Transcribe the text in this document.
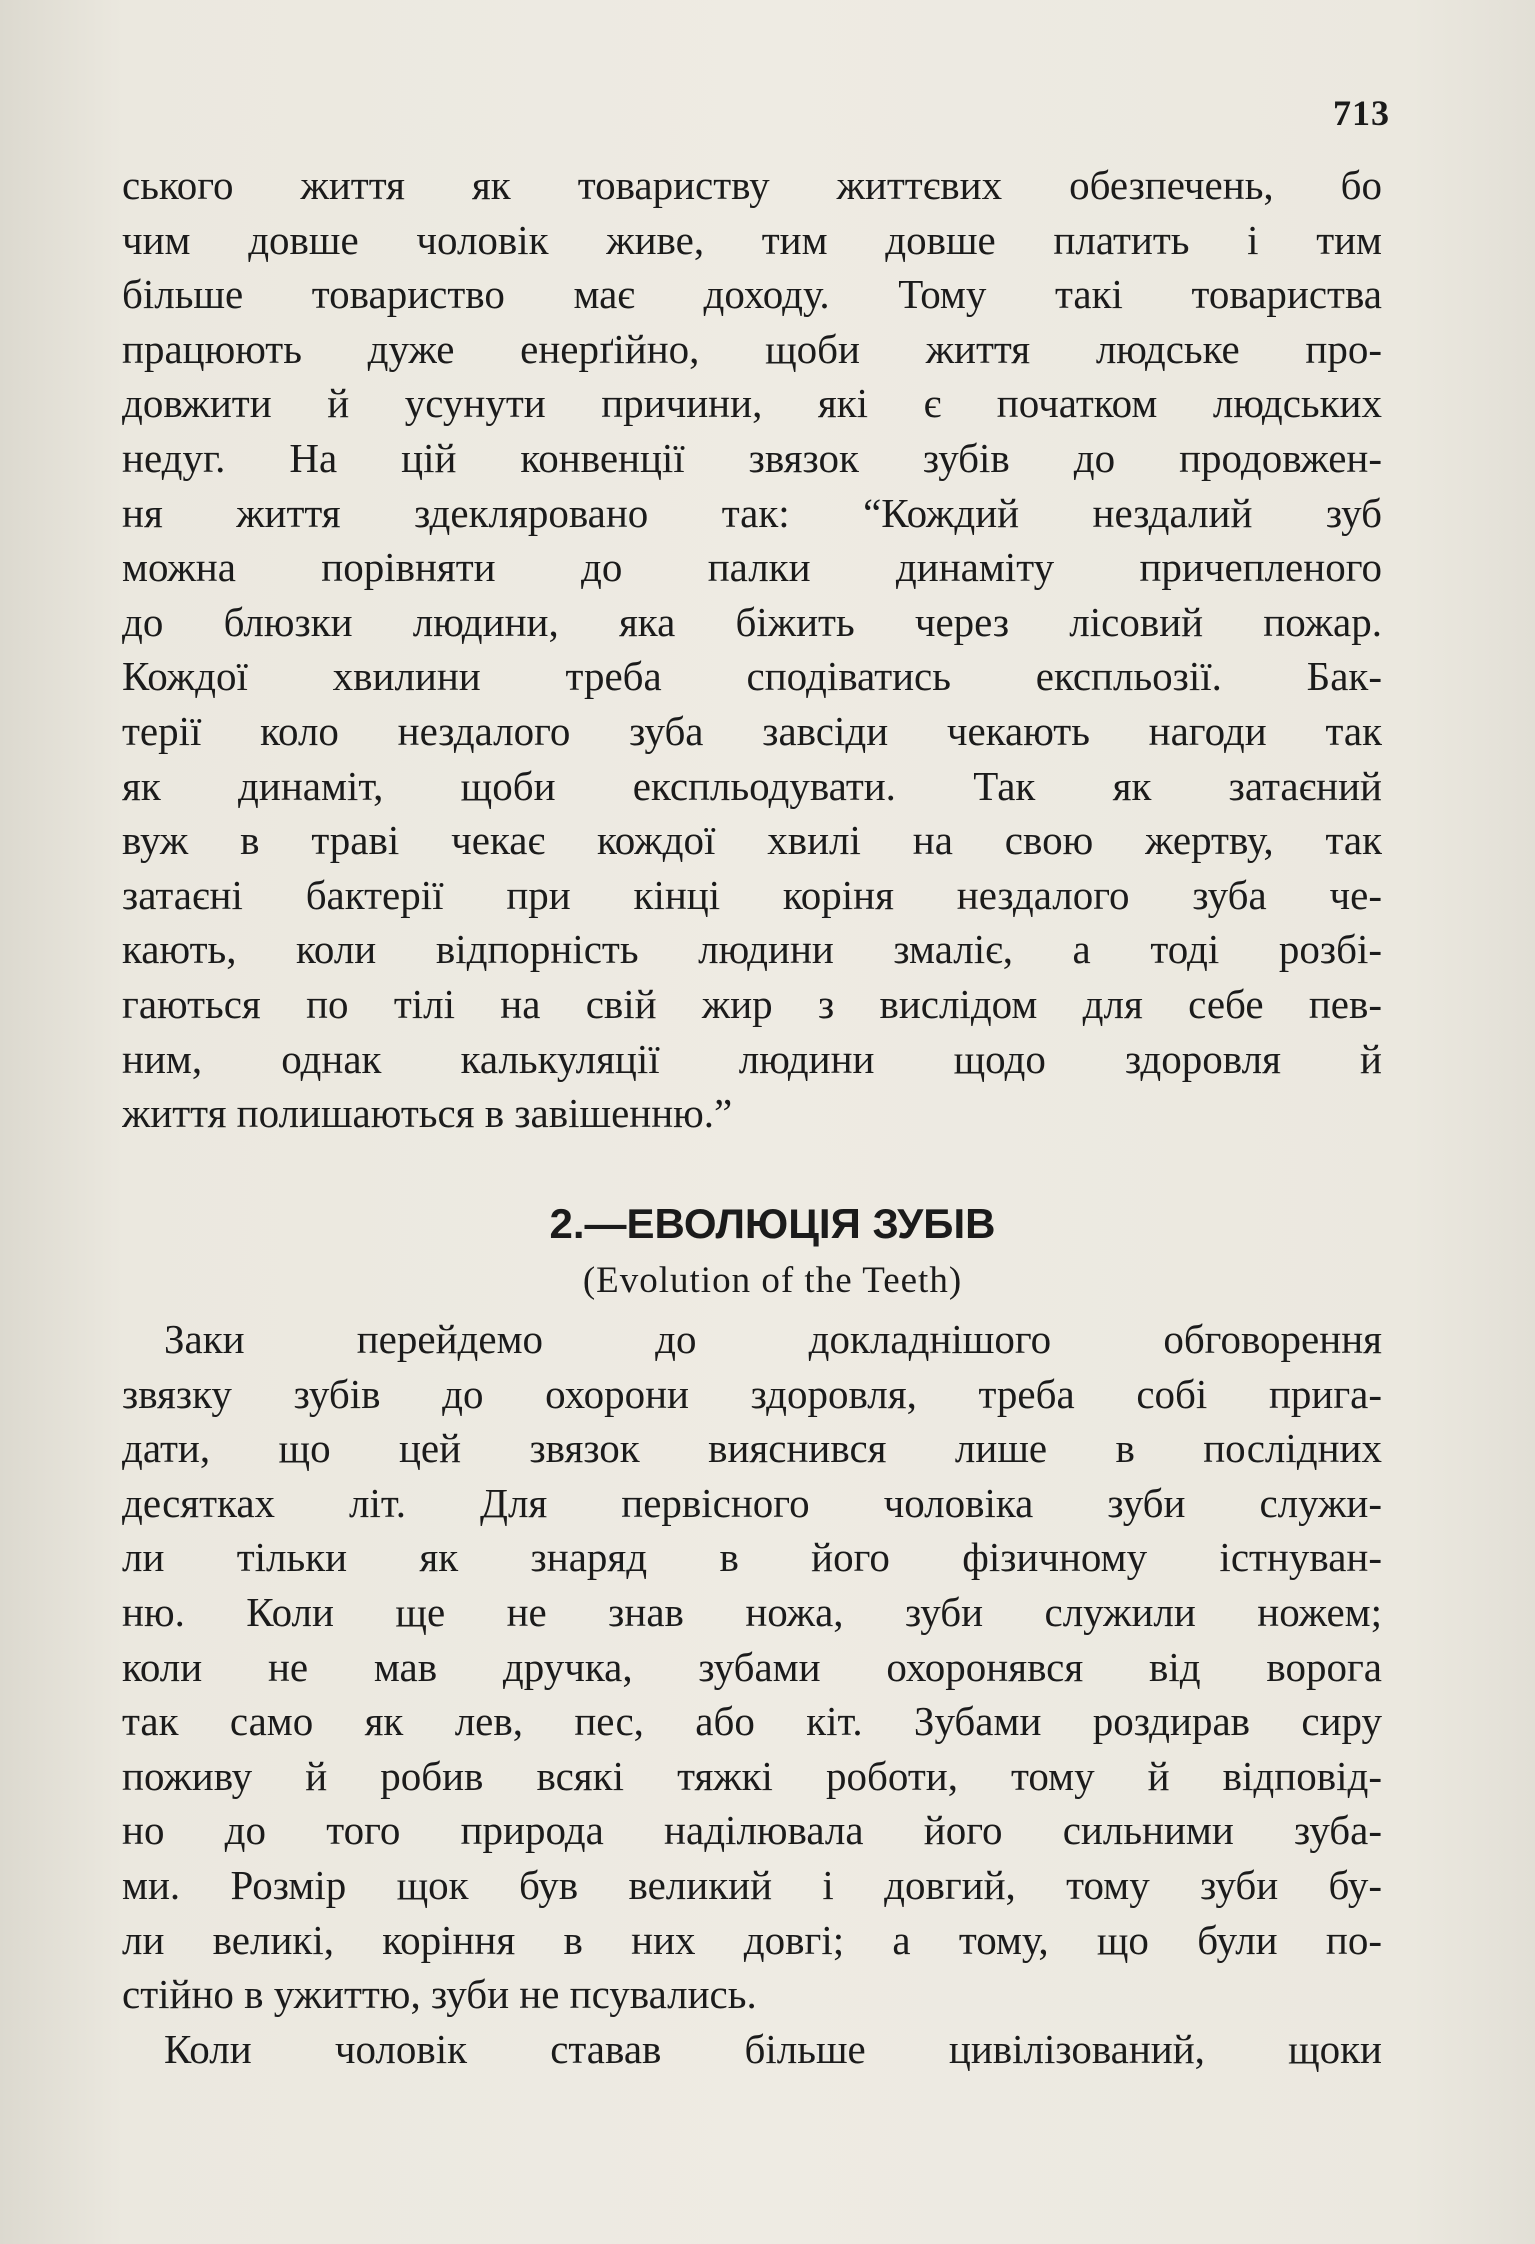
713
ського життя як товариству життєвих обезпечень, бо
чим довше чоловік живе, тим довше платить і тим
більше товариство має доходу. Тому такі товариства
працюють дуже енерґійно, щоби життя людське про-
довжити й усунути причини, які є початком людських
недуг. На цій конвенції звязок зубів до продовжен-
ня життя здекляровано так: “Кождий нездалий зуб
можна порівняти до палки динаміту причепленого
до блюзки людини, яка біжить через лісовий пожар.
Кождої хвилини треба сподіватись експльозії. Бак-
терії коло нездалого зуба завсіди чекають нагоди так
як динаміт, щоби експльодувати. Так як затаєний
вуж в траві чекає кождої хвилі на свою жертву, так
затаєні бактерії при кінці коріня нездалого зуба че-
кають, коли відпорність людини змаліє, а тоді розбі-
гаються по тілі на свій жир з вислідом для себе пев-
ним, однак калькуляції людини щодо здоровля й
життя полишаються в завішенню.”
2.—ЕВОЛЮЦІЯ ЗУБІВ
(Evolution of the Teeth)
Заки перейдемо до докладнішого обговорення
звязку зубів до охорони здоровля, треба собі прига-
дати, що цей звязок вияснився лише в послідних
десятках літ. Для первісного чоловіка зуби служи-
ли тільки як знаряд в його фізичному істнуван-
ню. Коли ще не знав ножа, зуби служили ножем;
коли не мав дручка, зубами охоронявся від ворога
так само як лев, пес, або кіт. Зубами роздирав сиру
поживу й робив всякі тяжкі роботи, тому й відповід-
но до того природа наділювала його сильними зуба-
ми. Розмір щок був великий і довгий, тому зуби бу-
ли великі, коріння в них довгі; а тому, що були по-
стійно в ужиттю, зуби не псувались.
Коли чоловік ставав більше цивілізований, щоки
